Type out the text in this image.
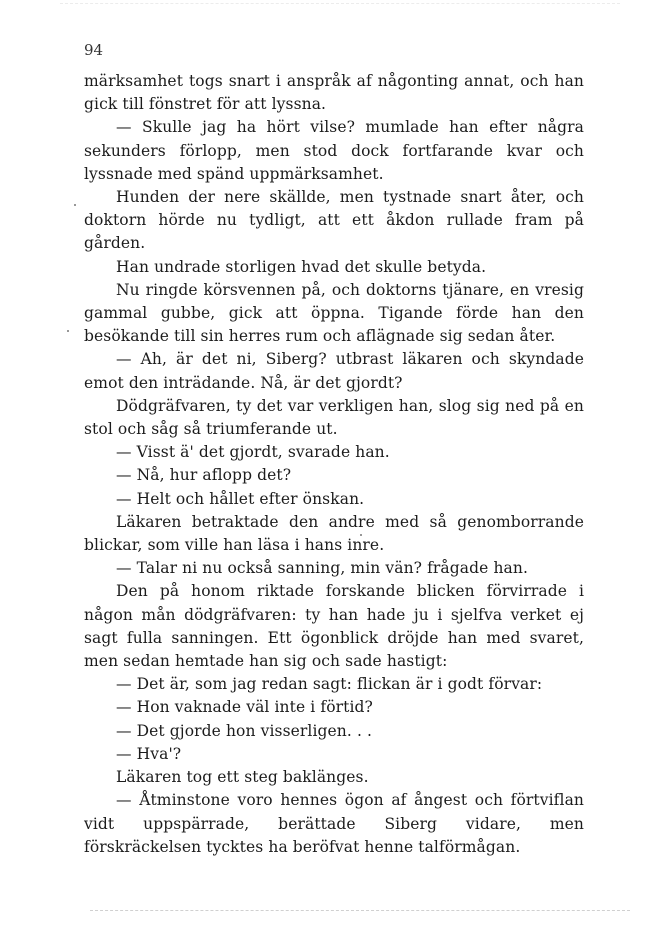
94

märksamhet togs snart i anspråk af någonting annat, och han gick till fönstret för att lyssna.

— Skulle jag ha hört vilse? mumlade han efter några sekunders förlopp, men stod dock fortfarande kvar och lyssnade med spänd uppmärksamhet.

Hunden der nere skällde, men tystnade snart åter, och doktorn hörde nu tydligt, att ett åkdon rullade fram på gården.

Han undrade storligen hvad det skulle betyda.

Nu ringde körsvennen på, och doktorns tjänare, en vresig gammal gubbe, gick att öppna. Tigande förde han den besökande till sin herres rum och aflägnade sig sedan åter.

— Ah, är det ni, Siberg? utbrast läkaren och skyndade emot den inträdande. Nå, är det gjordt?

Dödgräfvaren, ty det var verkligen han, slog sig ned på en stol och såg så triumferande ut.

— Visst ä' det gjordt, svarade han.

— Nå, hur aflopp det?

— Helt och hållet efter önskan.

Läkaren betraktade den andre med så genomborrande blickar, som ville han läsa i hans inre.

— Talar ni nu också sanning, min vän? frågade han.

Den på honom riktade forskande blicken förvirrade i någon mån dödgräfvaren: ty han hade ju i sjelfva verket ej sagt fulla sanningen. Ett ögonblick dröjde han med svaret, men sedan hemtade han sig och sade hastigt:

— Det är, som jag redan sagt: flickan är i godt förvar:

— Hon vaknade väl inte i förtid?

— Det gjorde hon visserligen. . .

— Hva'?

Läkaren tog ett steg baklänges.

— Åtminstone voro hennes ögon af ångest och förtviflan vidt uppspärrade, berättade Siberg vidare, men förskräckelsen tycktes ha beröfvat henne talförmågan.
